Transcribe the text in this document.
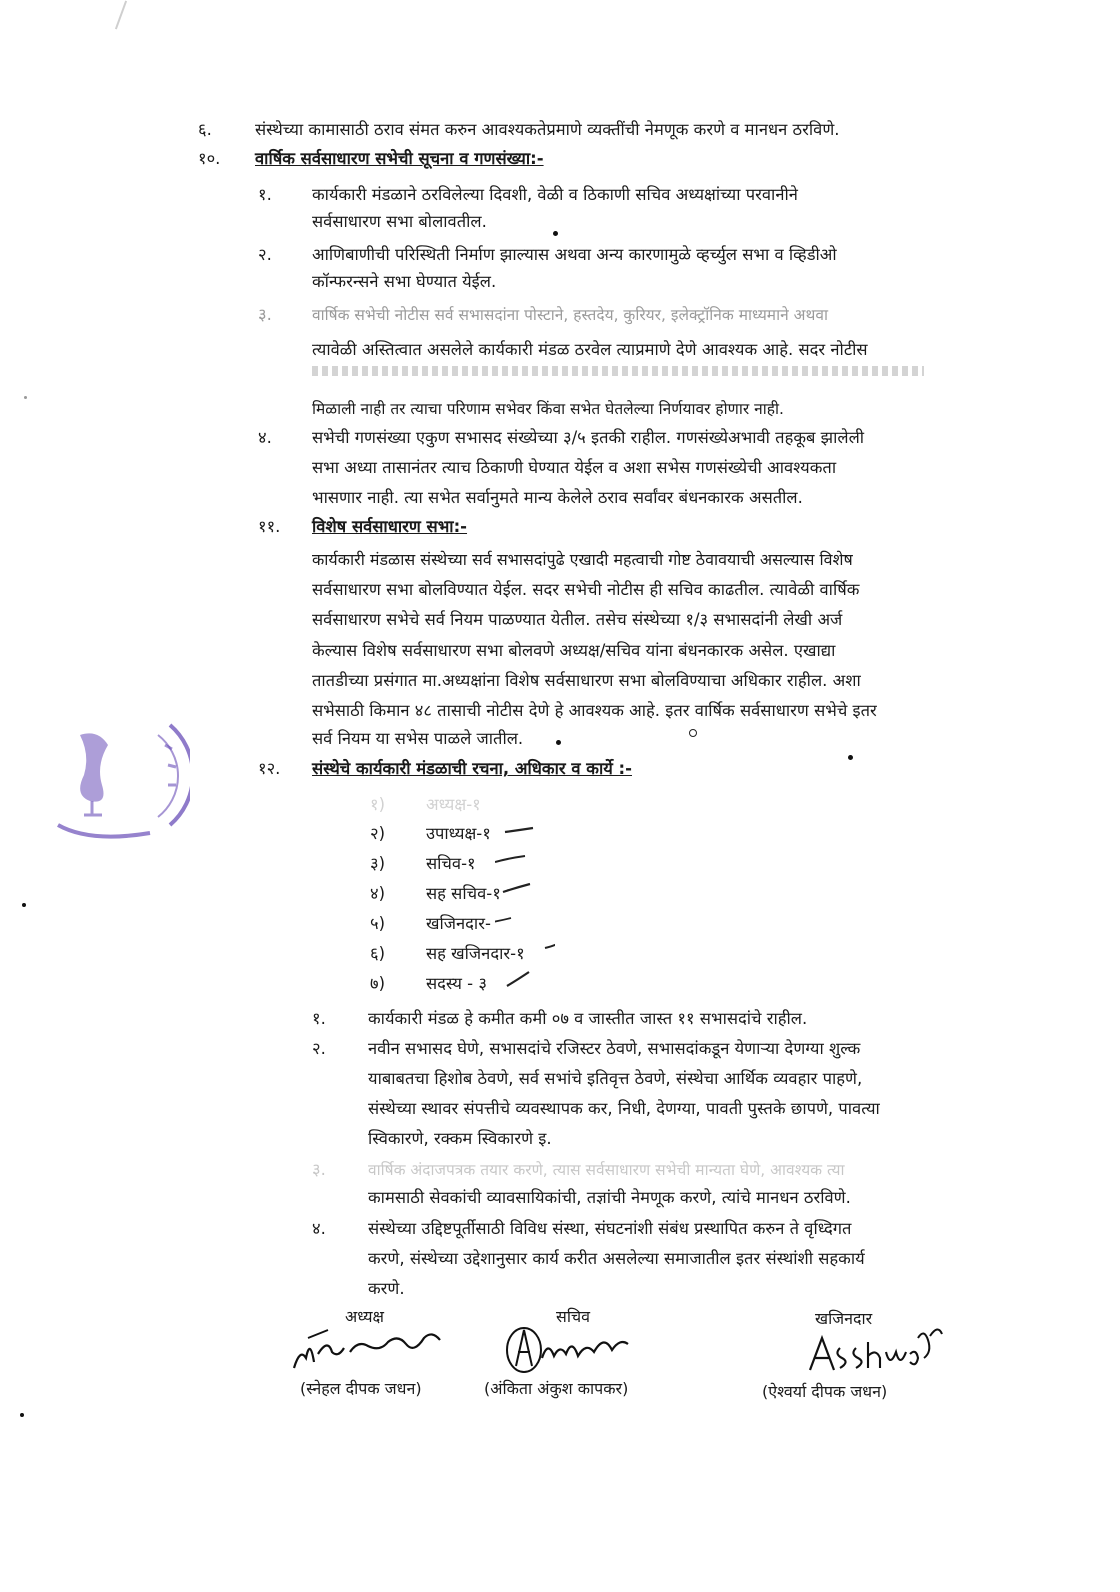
६.	संस्थेच्या कामासाठी ठराव संमत करुन आवश्यकतेप्रमाणे व्यक्तींची नेमणूक करणे व मानधन ठरविणे.
१०. वार्षिक सर्वसाधारण सभेची सूचना व गणसंख्या:-
१. कार्यकारी मंडळाने ठरविलेल्या दिवशी, वेळी व ठिकाणी सचिव अध्यक्षांच्या परवानीने
सर्वसाधारण सभा बोलावतील.
२. आणिबाणीची परिस्थिती निर्माण झाल्यास अथवा अन्य कारणामुळे व्हर्च्युल सभा व व्हिडीओ
कॉन्फरन्सने सभा घेण्यात येईल.
३.	वार्षिक सभेची नोटीस सर्व सभासदांना पोस्टाने, हस्तदेय, कुरियर, इलेक्ट्रॉनिक माध्यमाने अथवा
त्यावेळी अस्तित्वात असलेले कार्यकारी मंडळ ठरवेल त्याप्रमाणे देणे आवश्यक आहे. सदर नोटीस
मिळाली नाही तर त्याचा परिणाम सभेवर किंवा सभेत घेतलेल्या निर्णयावर होणार नाही.
४. सभेची गणसंख्या एकुण सभासद संख्येच्या ३/५ इतकी राहील. गणसंख्येअभावी तहकूब झालेली
सभा अध्या तासानंतर त्याच ठिकाणी घेण्यात येईल व अशा सभेस गणसंख्येची आवश्यकता
भासणार नाही. त्या सभेत सर्वानुमते मान्य केलेले ठराव सर्वांवर बंधनकारक असतील.
११. विशेष सर्वसाधारण सभा:-
कार्यकारी मंडळास संस्थेच्या सर्व सभासदांपुढे एखादी महत्वाची गोष्ट ठेवावयाची असल्यास विशेष
सर्वसाधारण सभा बोलविण्यात येईल. सदर सभेची नोटीस ही सचिव काढतील. त्यावेळी वार्षिक
सर्वसाधारण सभेचे सर्व नियम पाळण्यात येतील. तसेच संस्थेच्या १/३ सभासदांनी लेखी अर्ज
केल्यास विशेष सर्वसाधारण सभा बोलवणे अध्यक्ष/सचिव यांना बंधनकारक असेल. एखाद्या
तातडीच्या प्रसंगात मा.अध्यक्षांना विशेष सर्वसाधारण सभा बोलविण्याचा अधिकार राहील. अशा
सभेसाठी किमान ४८ तासाची नोटीस देणे हे आवश्यक आहे. इतर वार्षिक सर्वसाधारण सभेचे इतर
सर्व नियम या सभेस पाळले जातील.
१२. संस्थेचे कार्यकारी मंडळाची रचना, अधिकार व कार्ये :-
१) अध्यक्ष-१
२) उपाध्यक्ष-१
३) सचिव-१
४) सह सचिव-१
५) खजिनदार-
६) सह खजिनदार-१
७) सदस्य - ३
१.	कार्यकारी मंडळ हे कमीत कमी ०७ व जास्तीत जास्त ११ सभासदांचे राहील.
२.	नवीन सभासद घेणे, सभासदांचे रजिस्टर ठेवणे, सभासदांकडून येणाऱ्या देणग्या शुल्क
याबाबतचा हिशोब ठेवणे, सर्व सभांचे इतिवृत्त ठेवणे, संस्थेचा आर्थिक व्यवहार पाहणे,
संस्थेच्या स्थावर संपत्तीचे व्यवस्थापक कर, निधी, देणग्या, पावती पुस्तके छापणे, पावत्या
स्विकारणे, रक्कम स्विकारणे इ.
३.	वार्षिक अंदाजपत्रक तयार करणे, त्यास सर्वसाधारण सभेची मान्यता घेणे, आवश्यक त्या
कामसाठी सेवकांची व्यावसायिकांची, तज्ञांची नेमणूक करणे, त्यांचे मानधन ठरविणे.
४.	संस्थेच्या उद्दिष्टपूर्तीसाठी विविध संस्था, संघटनांशी संबंध प्रस्थापित करुन ते वृध्दिगत
करणे, संस्थेच्या उद्देशानुसार कार्य करीत असलेल्या समाजातील इतर संस्थांशी सहकार्य
करणे.
अध्यक्ष
(स्नेहल दीपक जधन)
सचिव
(अंकिता अंकुश कापकर)
खजिनदार
(ऐश्वर्या दीपक जधन)
